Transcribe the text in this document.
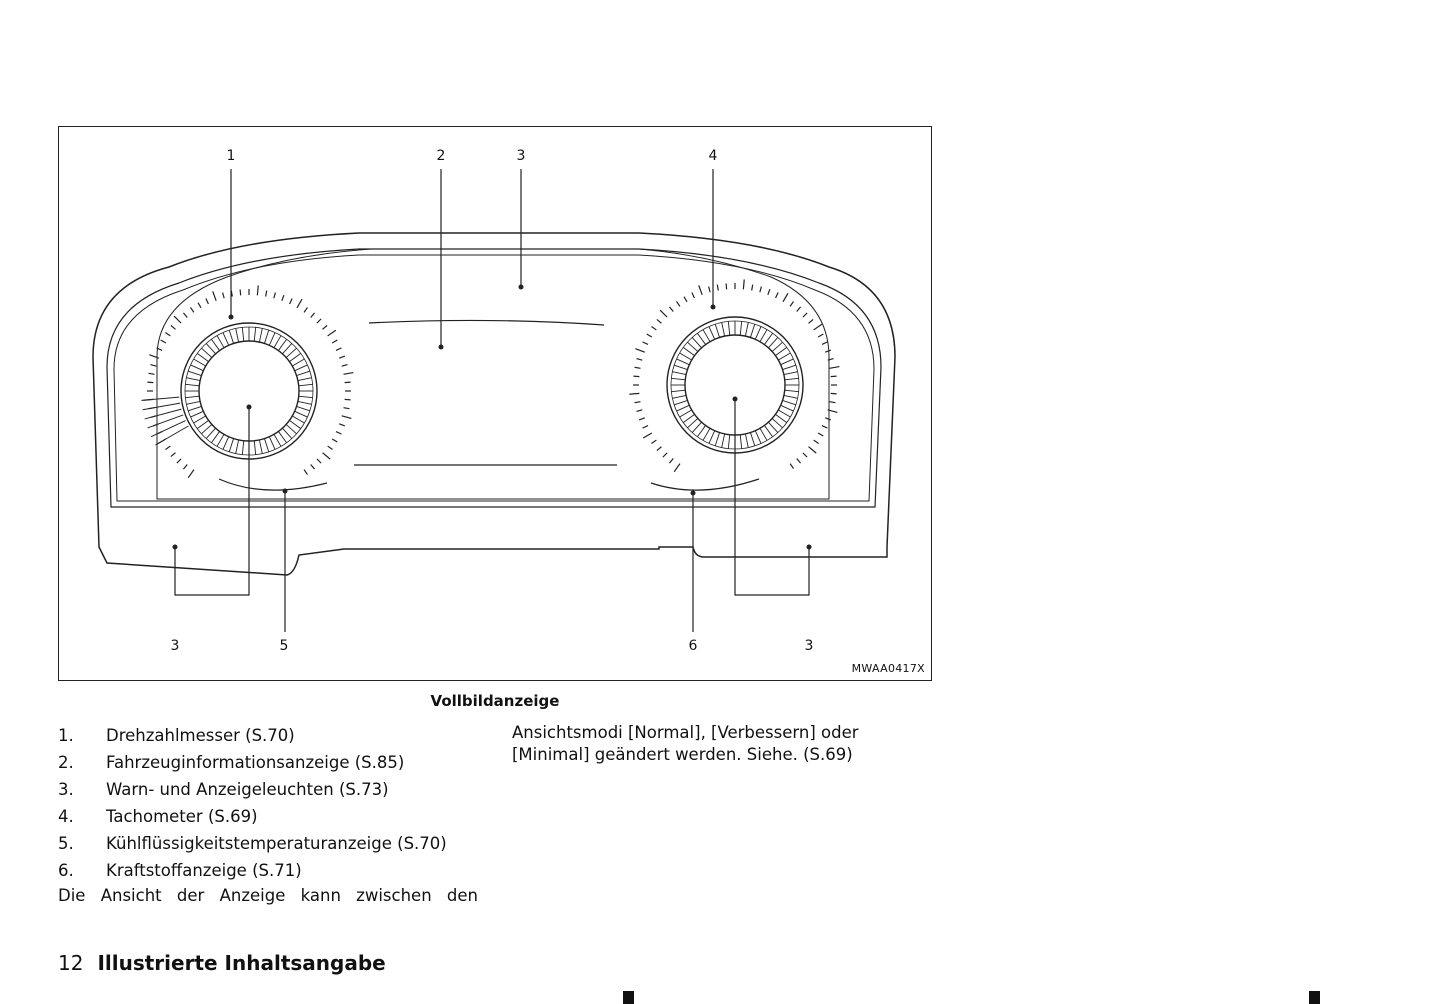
1	2	3	4
3	5	6	3
MWAA0417X
Vollbildanzeige
1.	Drehzahlmesser (S.70)
2.	Fahrzeuginformationsanzeige (S.85)
3.	Warn- und Anzeigeleuchten (S.73)
4.	Tachometer (S.69)
5.	Kühlflüssigkeitstemperaturanzeige (S.70)
6.	Kraftstoffanzeige (S.71)
Die Ansicht der Anzeige kann zwischen den
Ansichtsmodi [Normal], [Verbessern] oder [Minimal] geändert werden. Siehe. (S.69)
12 Illustrierte Inhaltsangabe
